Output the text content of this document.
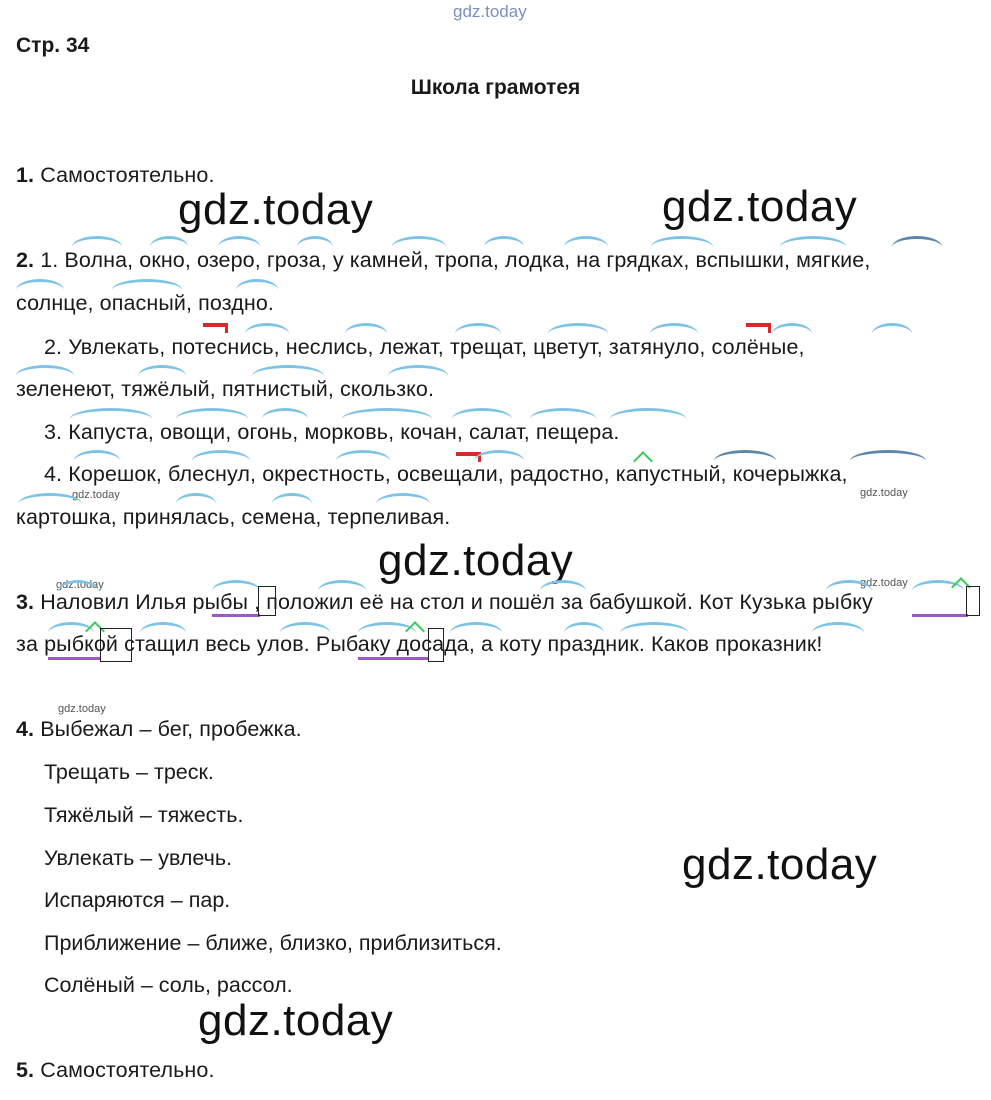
gdz.today
gdz.today	gdz.today
gdz.today
gdz.today
gdz.today
gdz.today	gdz.today
gdz.today	gdz.today
gdz.today
Стр. 34
Школа грамотея
1. Самостоятельно.
2. 1. Волна, окно, озеро, гроза, у камней, тропа, лодка, на грядках, вспышки, мягкие,
солнце, опасный, поздно.
2. Увлекать, потеснись, неслись, лежат, трещат, цветут, затянуло, солёные,
зеленеют, тяжёлый, пятнистый, скользко.
3. Капуста, овощи, огонь, морковь, кочан, салат, пещера.
4. Корешок, блеснул, окрестность, освещали, радостно, капустный, кочерыжка,
картошка, принялась, семена, терпеливая.
3. Наловил Илья рыбы , положил её на стол и пошёл за бабушкой. Кот Кузька рыбку
за рыбкой стащил весь улов. Рыбаку досада, а коту праздник. Каков проказник!
4. Выбежал – бег, пробежка.
Трещать – треск.
Тяжёлый – тяжесть.
Увлекать – увлечь.
Испаряются – пар.
Приближение – ближе, близко, приблизиться.
Солёный – соль, рассол.
5. Самостоятельно.
